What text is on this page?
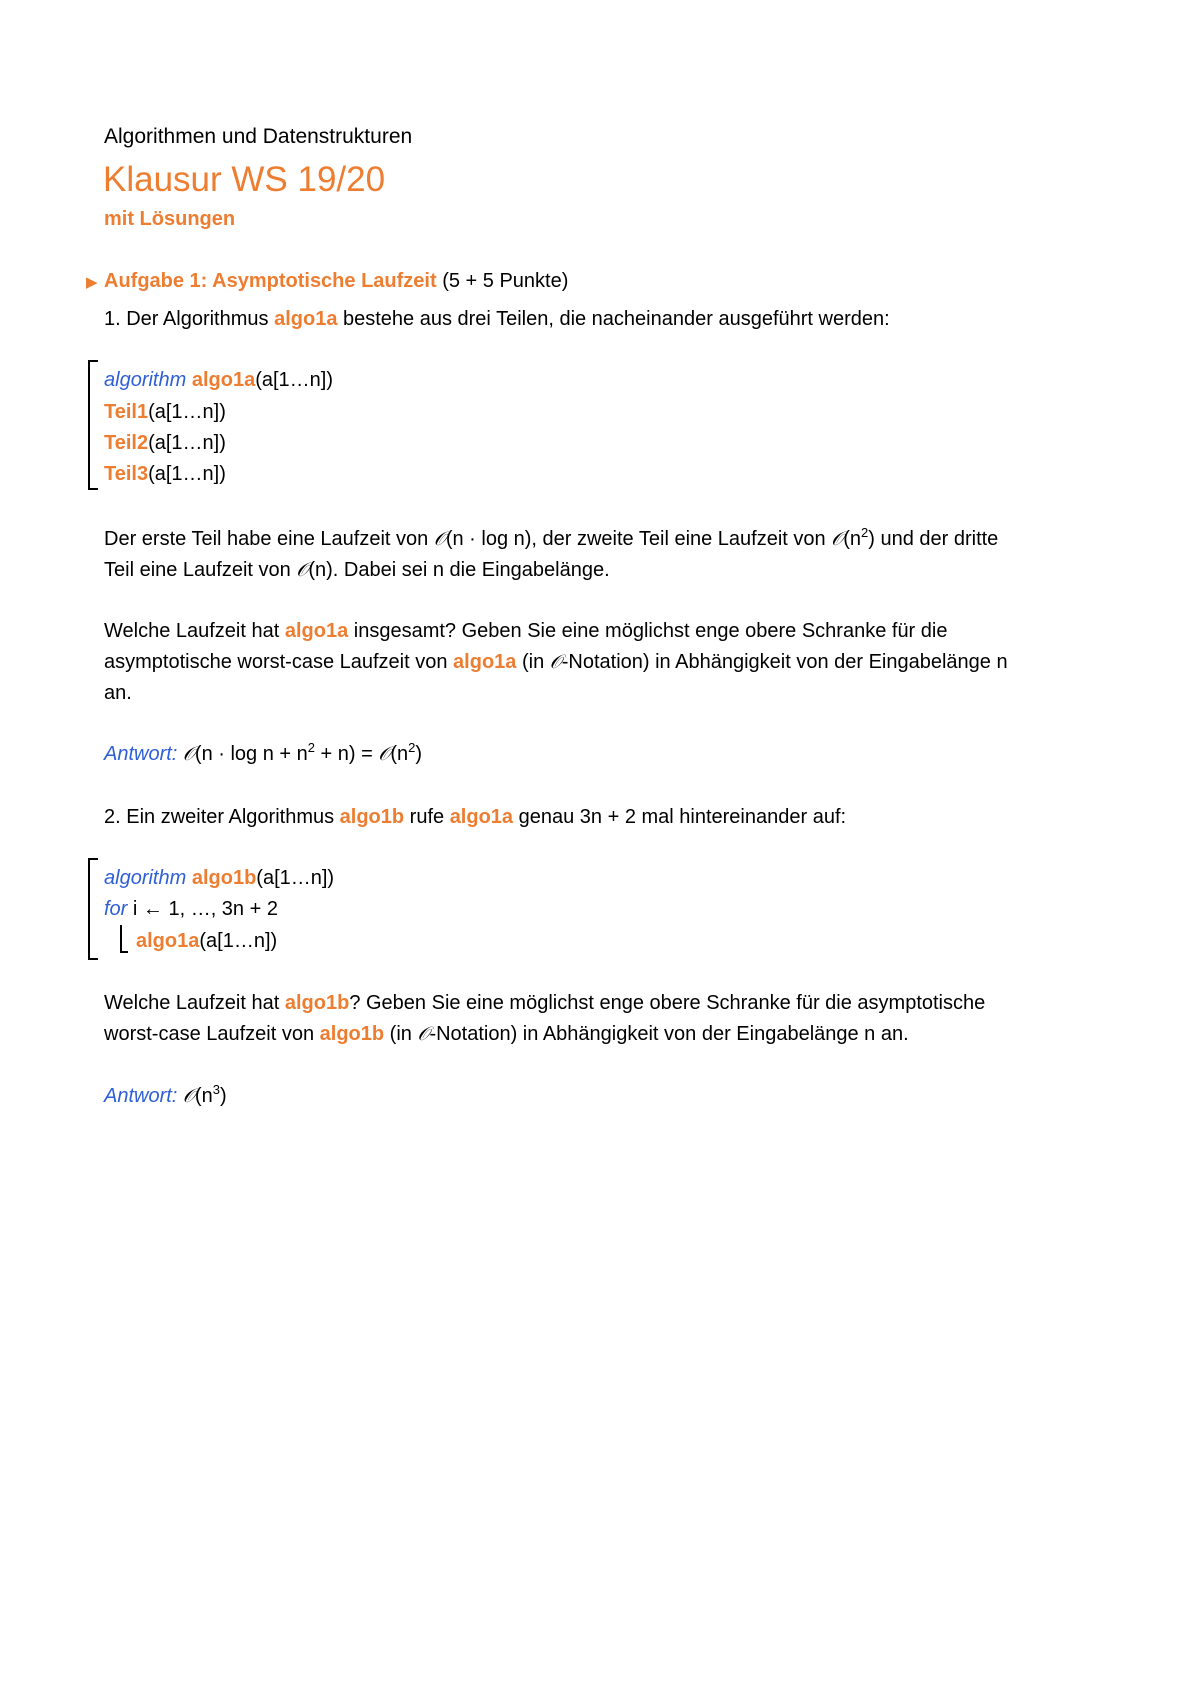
Algorithmen und Datenstrukturen
Klausur WS 19/20
mit Lösungen
▶ Aufgabe 1: Asymptotische Laufzeit (5 + 5 Punkte)
1. Der Algorithmus algo1a bestehe aus drei Teilen, die nacheinander ausgeführt werden:
algorithm algo1a(a[1…n])
Teil1(a[1…n])
Teil2(a[1…n])
Teil3(a[1…n])
Der erste Teil habe eine Laufzeit von 𝒪(n · log n), der zweite Teil eine Laufzeit von $𝒪(n^2)$ und der dritte
Teil eine Laufzeit von 𝒪(n). Dabei sei n die Eingabelänge.
Welche Laufzeit hat algo1a insgesamt? Geben Sie eine möglichst enge obere Schranke für die
asymptotische worst-case Laufzeit von algo1a (in 𝒪-Notation) in Abhängigkeit von der Eingabelänge n
an.
Antwort: 𝒪(n · $\log n + n^2 + n$) = $𝒪(n^2)$
2. Ein zweiter Algorithmus algo1b rufe algo1a genau 3n + 2 mal hintereinander auf:
algorithm algo1b(a[1…n])
for i ← 1, …, 3n + 2
algo1a(a[1…n])
Welche Laufzeit hat algo1b? Geben Sie eine möglichst enge obere Schranke für die asymptotische
worst-case Laufzeit von algo1b (in 𝒪-Notation) in Abhängigkeit von der Eingabelänge n an.
Antwort: $𝒪(n^3)$
